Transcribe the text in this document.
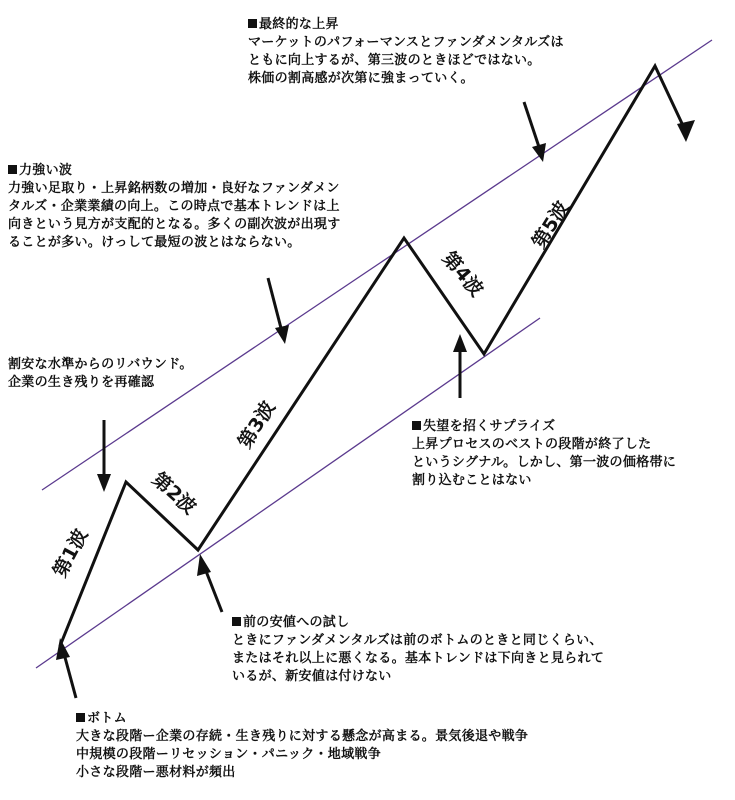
第1波
第2波
第3波
第4波
第5波
最終的な上昇
マーケットのパフォーマンスとファンダメンタルズは
ともに向上するが、第三波のときほどではない。
株価の割高感が次第に強まっていく。
力強い波
力強い足取り・上昇銘柄数の増加・良好なファンダメン
タルズ・企業業績の向上。この時点で基本トレンドは上
向きという見方が支配的となる。多くの副次波が出現す
ることが多い。けっして最短の波とはならない。
割安な水準からのリバウンド。
企業の生き残りを再確認
失望を招くサプライズ
上昇プロセスのベストの段階が終了した
というシグナル。しかし、第一波の価格帯に
割り込むことはない
前の安値への試し
ときにファンダメンタルズは前のボトムのときと同じくらい、
またはそれ以上に悪くなる。基本トレンドは下向きと見られて
いるが、新安値は付けない
ボトム
大きな段階ー企業の存続・生き残りに対する懸念が高まる。景気後退や戦争
中規模の段階ーリセッション・パニック・地域戦争
小さな段階ー悪材料が頻出
